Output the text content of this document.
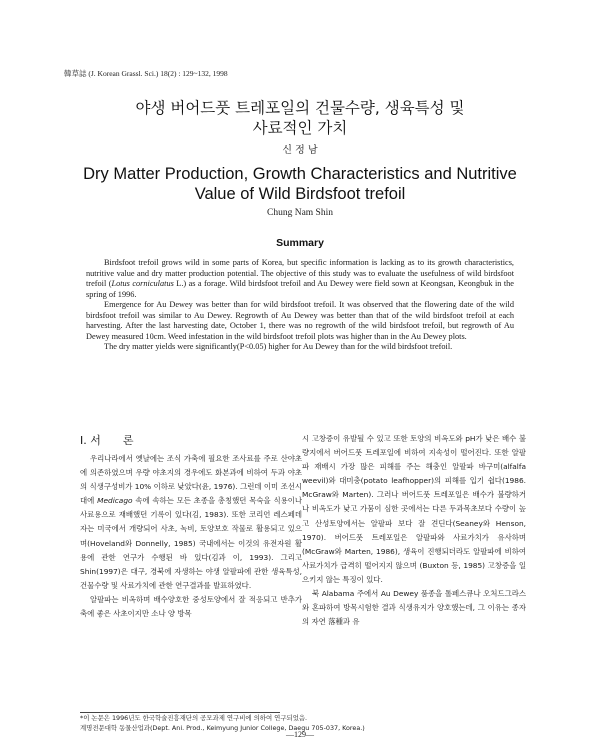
韓草誌 (J. Korean Grassl. Sci.) 18(2) : 129~132, 1998
야생 버어드풋 트레포일의 건물수량, 생육특성 및
사료적인 가치
신 정 남
Dry Matter Production, Growth Characteristics and Nutritive
Value of Wild Birdsfoot trefoil
Chung Nam Shin
Summary

Birdsfoot trefoil grows wild in some parts of Korea, but specific information is lacking as to its growth characteristics, nutritive value and dry matter production potential. The objective of this study was to evaluate the usefulness of wild birdsfoot trefoil (Lotus corniculatus L.) as a forage. Wild birdsfoot trefoil and Au Dewey were field sown at Keongsan, Keongbuk in the spring of 1996.

Emergence for Au Dewey was better than for wild birdsfoot trefoil. It was observed that the flowering date of the wild birdsfoot trefoil was similar to Au Dewey. Regrowth of Au Dewey was better than that of the wild birdsfoot trefoil at each harvesting. After the last harvesting date, October 1, there was no regrowth of the wild birdsfoot trefoil, but regrowth of Au Dewey measured 10cm. Weed infestation in the wild birdsfoot trefoil plots was higher than in the Au Dewey plots.

The dry matter yields were significantly(P<0.05) higher for Au Dewey than for the wild birdsfoot trefoil.

I. 서　　론

우리나라에서 옛날에는 조식 가축에 필요한 조사료를 주로 산야초에 의존하였으며 우량 야초지의 경우에도 화본과에 비하여 두과 야초의 식생구성비가 10% 이하로 낮았다(윤, 1976). 그런데 이미 조선시대에 Medicago 속에 속하는 모든 초종을 총칭했던 목숙을 식용이나 사료용으로 재배했던 기록이 있다(김, 1983). 또한 코리언 레스페데자는 미국에서 개량되어 사초, 녹비, 토양보호 작물로 활용되고 있으며(Hoveland와 Donnelly, 1985) 국내에서는 이것의 유전자원 활용에 관한 연구가 수행된 바 있다(김과 이, 1993). 그리고 Shin(1997)은 대구, 경북에 자생하는 야생 알팔파에 관한 생육특성, 건물수량 및 사료가치에 관한 연구결과를 발표하였다.

알팔파는 비옥하며 배수양호한 중성토양에서 잘 적응되고 반추가축에 좋은 사초이지만 소나 양 방목

시 고창증이 유발될 수 있고 또한 토양의 비옥도와 pH가 낮은 배수 불량지에서 버어드풋 트레포일에 비하여 지속성이 떨어진다. 또한 알팔파 재배시 가장 많은 피해를 주는 해충인 알팔파 바구미(alfalfa weevil)와 대미충(potato leafhopper)의 피해를 입기 쉽다(1986. McGraw와 Marten). 그러나 버어드풋 트레포일은 배수가 불량하거나 비옥도가 낮고 가뭄이 심한 곳에서는 다른 두과목초보다 수량이 높고 산성토양에서는 알팔파 보다 잘 견딘다(Seaney와 Henson, 1970). 버어드풋 트레포일은 알팔파와 사료가치가 유사하며 (McGraw와 Marten, 1986), 생육이 진행되더라도 알팔파에 비하여 사료가치가 급격히 떨어지지 않으며 (Buxton 등, 1985) 고창증을 일으키지 않는 특징이 있다.

북 Alabama 주에서 Au Dewey 품종을 톨페스큐나 오처드그라스와 혼파하여 방목시험한 결과 식생유지가 양호했는데, 그 이유는 종자의 자연 落種과 유

*이 논문은 1996년도 한국학술진흥재단의 공모과제 연구비에 의하여 연구되었음.
계명전문대학 동물산업과(Dept. Ani. Prod., Keimyung Junior College, Daegu 705-037, Korea.)
—129—
